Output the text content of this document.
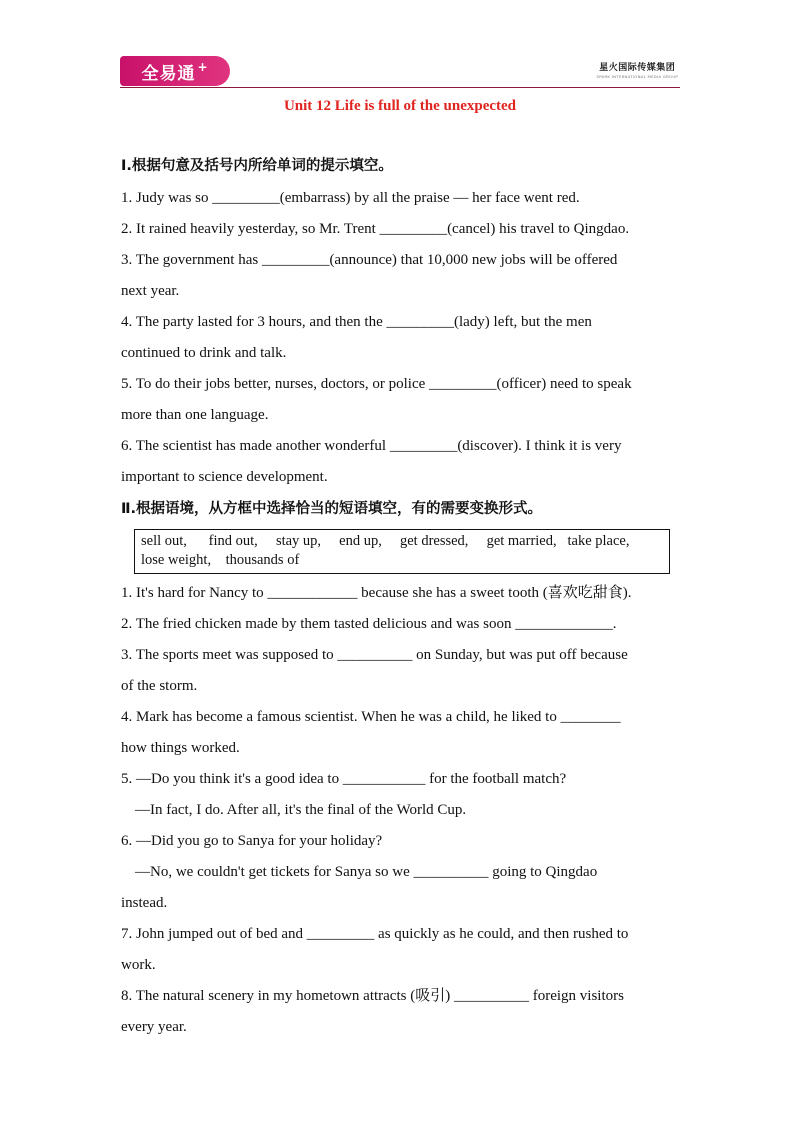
全易通 +	星火国际传媒集团
SPARK INTERNATIONAL MEDIA GROUP
Unit 12 Life is full of the unexpected
Ⅰ.根据句意及括号内所给单词的提示填空。
1. Judy was so _________(embarrass) by all the praise — her face went red.
2. It rained heavily yesterday, so Mr. Trent _________(cancel) his travel to Qingdao.
3. The government has _________(announce) that 10,000 new jobs will be offered
next year.
4. The party lasted for 3 hours, and then the _________(lady) left, but the men
continued to drink and talk.
5. To do their jobs better, nurses, doctors, or police _________(officer) need to speak
more than one language.
6. The scientist has made another wonderful _________(discover). I think it is very
important to science development.
Ⅱ.根据语境，从方框中选择恰当的短语填空，有的需要变换形式。
sell out, find out, stay up, end up, get dressed, get married, take place,    lose weight, thousands of
1. It's hard for Nancy to ____________ because she has a sweet tooth (喜欢吃甜食).
2. The fried chicken made by them tasted delicious and was soon _____________.
3. The sports meet was supposed to __________ on Sunday, but was put off because
of the storm.
4. Mark has become a famous scientist. When he was a child, he liked to ________
how things worked.
5. —Do you think it's a good idea to ___________ for the football match?
—In fact, I do. After all, it's the final of the World Cup.
6. —Did you go to Sanya for your holiday?
—No, we couldn't get tickets for Sanya so we __________ going to Qingdao
instead.
7. John jumped out of bed and _________ as quickly as he could, and then rushed to
work.
8. The natural scenery in my hometown attracts (吸引) __________ foreign visitors
every year.
